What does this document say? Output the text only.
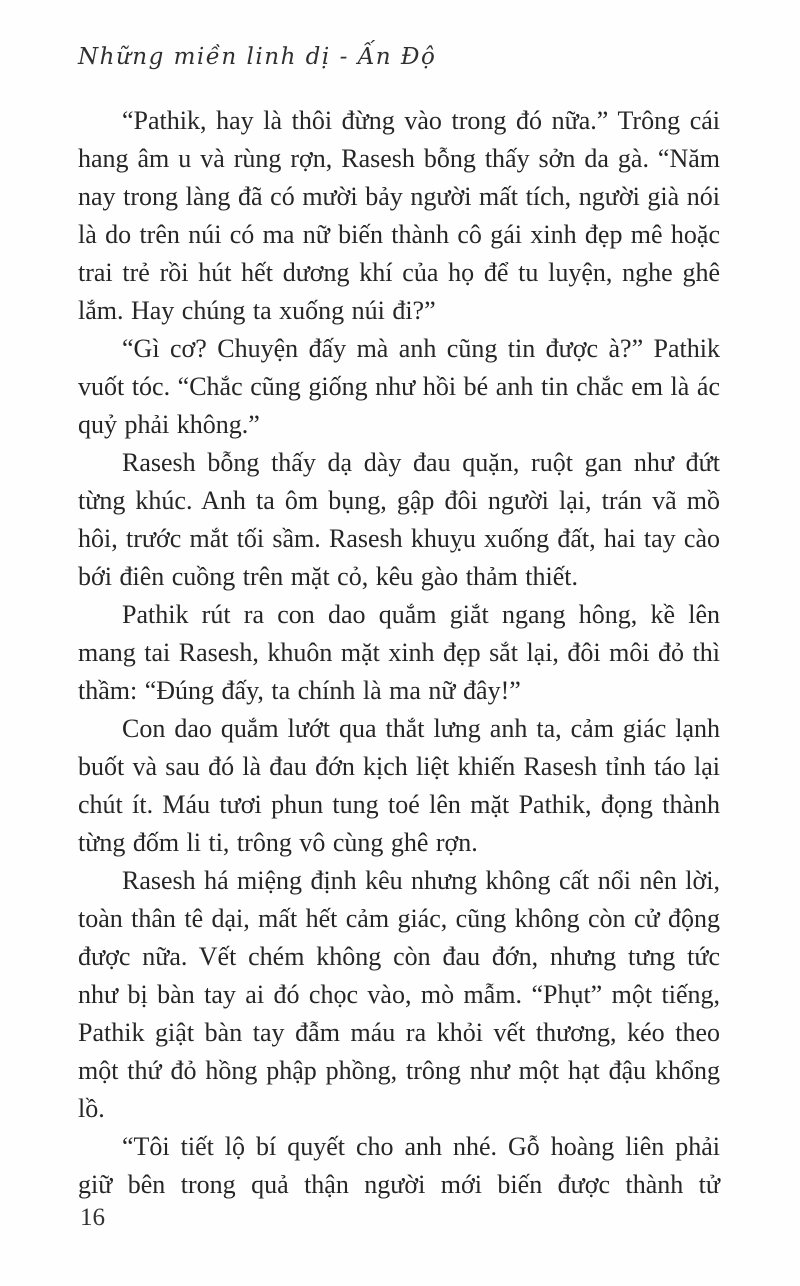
Những miền linh dị - Ấn Độ

“Pathik, hay là thôi đừng vào trong đó nữa.” Trông cái hang âm u và rùng rợn, Rasesh bỗng thấy sởn da gà. “Năm nay trong làng đã có mười bảy người mất tích, người già nói là do trên núi có ma nữ biến thành cô gái xinh đẹp mê hoặc trai trẻ rồi hút hết dương khí của họ để tu luyện, nghe ghê lắm. Hay chúng ta xuống núi đi?”

“Gì cơ? Chuyện đấy mà anh cũng tin được à?” Pathik vuốt tóc. “Chắc cũng giống như hồi bé anh tin chắc em là ác quỷ phải không.”

Rasesh bỗng thấy dạ dày đau quặn, ruột gan như đứt từng khúc. Anh ta ôm bụng, gập đôi người lại, trán vã mồ hôi, trước mắt tối sầm. Rasesh khuỵu xuống đất, hai tay cào bới điên cuồng trên mặt cỏ, kêu gào thảm thiết.

Pathik rút ra con dao quắm giắt ngang hông, kề lên mang tai Rasesh, khuôn mặt xinh đẹp sắt lại, đôi môi đỏ thì thầm: “Đúng đấy, ta chính là ma nữ đây!”

Con dao quắm lướt qua thắt lưng anh ta, cảm giác lạnh buốt và sau đó là đau đớn kịch liệt khiến Rasesh tỉnh táo lại chút ít. Máu tươi phun tung toé lên mặt Pathik, đọng thành từng đốm li ti, trông vô cùng ghê rợn.

Rasesh há miệng định kêu nhưng không cất nổi nên lời, toàn thân tê dại, mất hết cảm giác, cũng không còn cử động được nữa. Vết chém không còn đau đớn, nhưng tưng tức như bị bàn tay ai đó chọc vào, mò mẫm. “Phụt” một tiếng, Pathik giật bàn tay đẫm máu ra khỏi vết thương, kéo theo một thứ đỏ hồng phập phồng, trông như một hạt đậu khổng lồ.

“Tôi tiết lộ bí quyết cho anh nhé. Gỗ hoàng liên phải giữ bên trong quả thận người mới biến được thành tử

16
